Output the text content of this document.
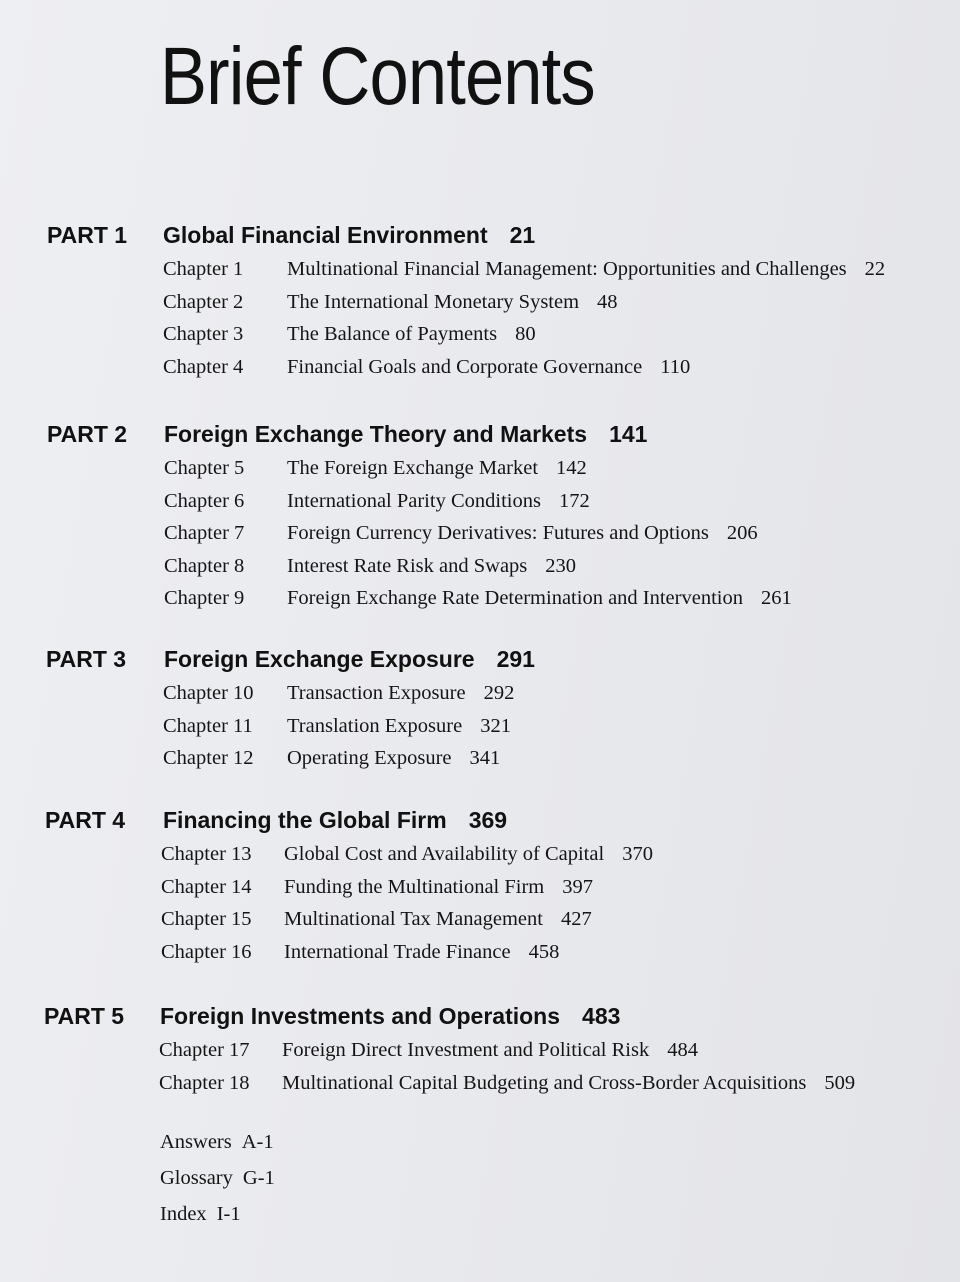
Brief Contents
PART 1 Global Financial Environment 21
Chapter 1 Multinational Financial Management: Opportunities and Challenges 22
Chapter 2 The International Monetary System 48
Chapter 3 The Balance of Payments 80
Chapter 4 Financial Goals and Corporate Governance 110
PART 2 Foreign Exchange Theory and Markets 141
Chapter 5 The Foreign Exchange Market 142
Chapter 6 International Parity Conditions 172
Chapter 7 Foreign Currency Derivatives: Futures and Options 206
Chapter 8 Interest Rate Risk and Swaps 230
Chapter 9 Foreign Exchange Rate Determination and Intervention 261
PART 3 Foreign Exchange Exposure 291
Chapter 10 Transaction Exposure 292
Chapter 11 Translation Exposure 321
Chapter 12 Operating Exposure 341
PART 4 Financing the Global Firm 369
Chapter 13 Global Cost and Availability of Capital 370
Chapter 14 Funding the Multinational Firm 397
Chapter 15 Multinational Tax Management 427
Chapter 16 International Trade Finance 458
PART 5 Foreign Investments and Operations 483
Chapter 17 Foreign Direct Investment and Political Risk 484
Chapter 18 Multinational Capital Budgeting and Cross-Border Acquisitions 509
Answers A-1
Glossary G-1
Index I-1
